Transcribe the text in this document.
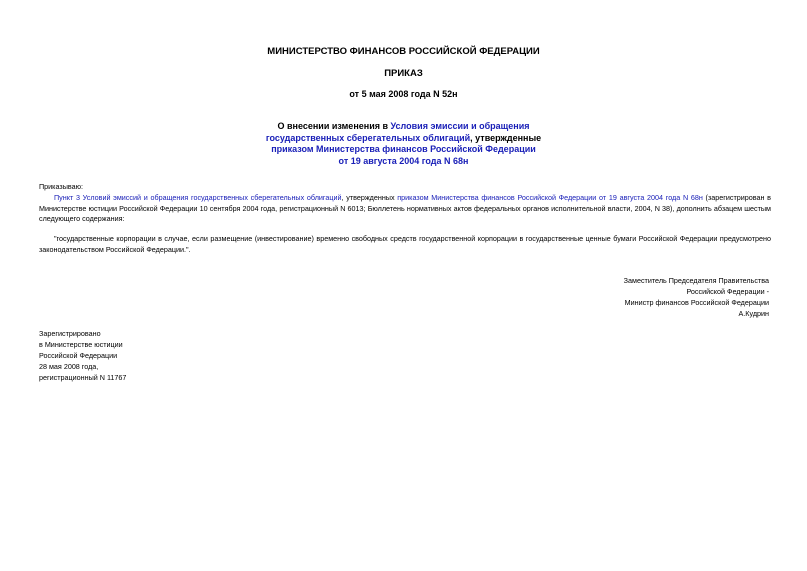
МИНИСТЕРСТВО ФИНАНСОВ РОССИЙСКОЙ ФЕДЕРАЦИИ
ПРИКАЗ
от 5 мая 2008 года N 52н
О внесении изменения в Условия эмиссии и обращения
государственных сберегательных облигаций, утвержденные
приказом Министерства финансов Российской Федерации
от 19 августа 2004 года N 68н
Приказываю:
Пункт 3 Условий эмиссий и обращения государственных сберегательных облигаций, утвержденных приказом Министерства финансов Российской Федерации от 19 августа 2004 года N 68н (зарегистрирован в Министерстве юстиции Российской Федерации 10 сентября 2004 года, регистрационный N 6013; Бюллетень нормативных актов федеральных органов исполнительной власти, 2004, N 38), дополнить абзацем шестым следующего содержания:
"государственные корпорации в случае, если размещение (инвестирование) временно свободных средств государственной корпорации в государственные ценные бумаги Российской Федерации предусмотрено законодательством Российской Федерации.".
Заместитель Председателя Правительства
Российской Федерации -
Министр финансов Российской Федерации
А.Кудрин
Зарегистрировано
в Министерстве юстиции
Российской Федерации
28 мая 2008 года,
регистрационный N 11767
